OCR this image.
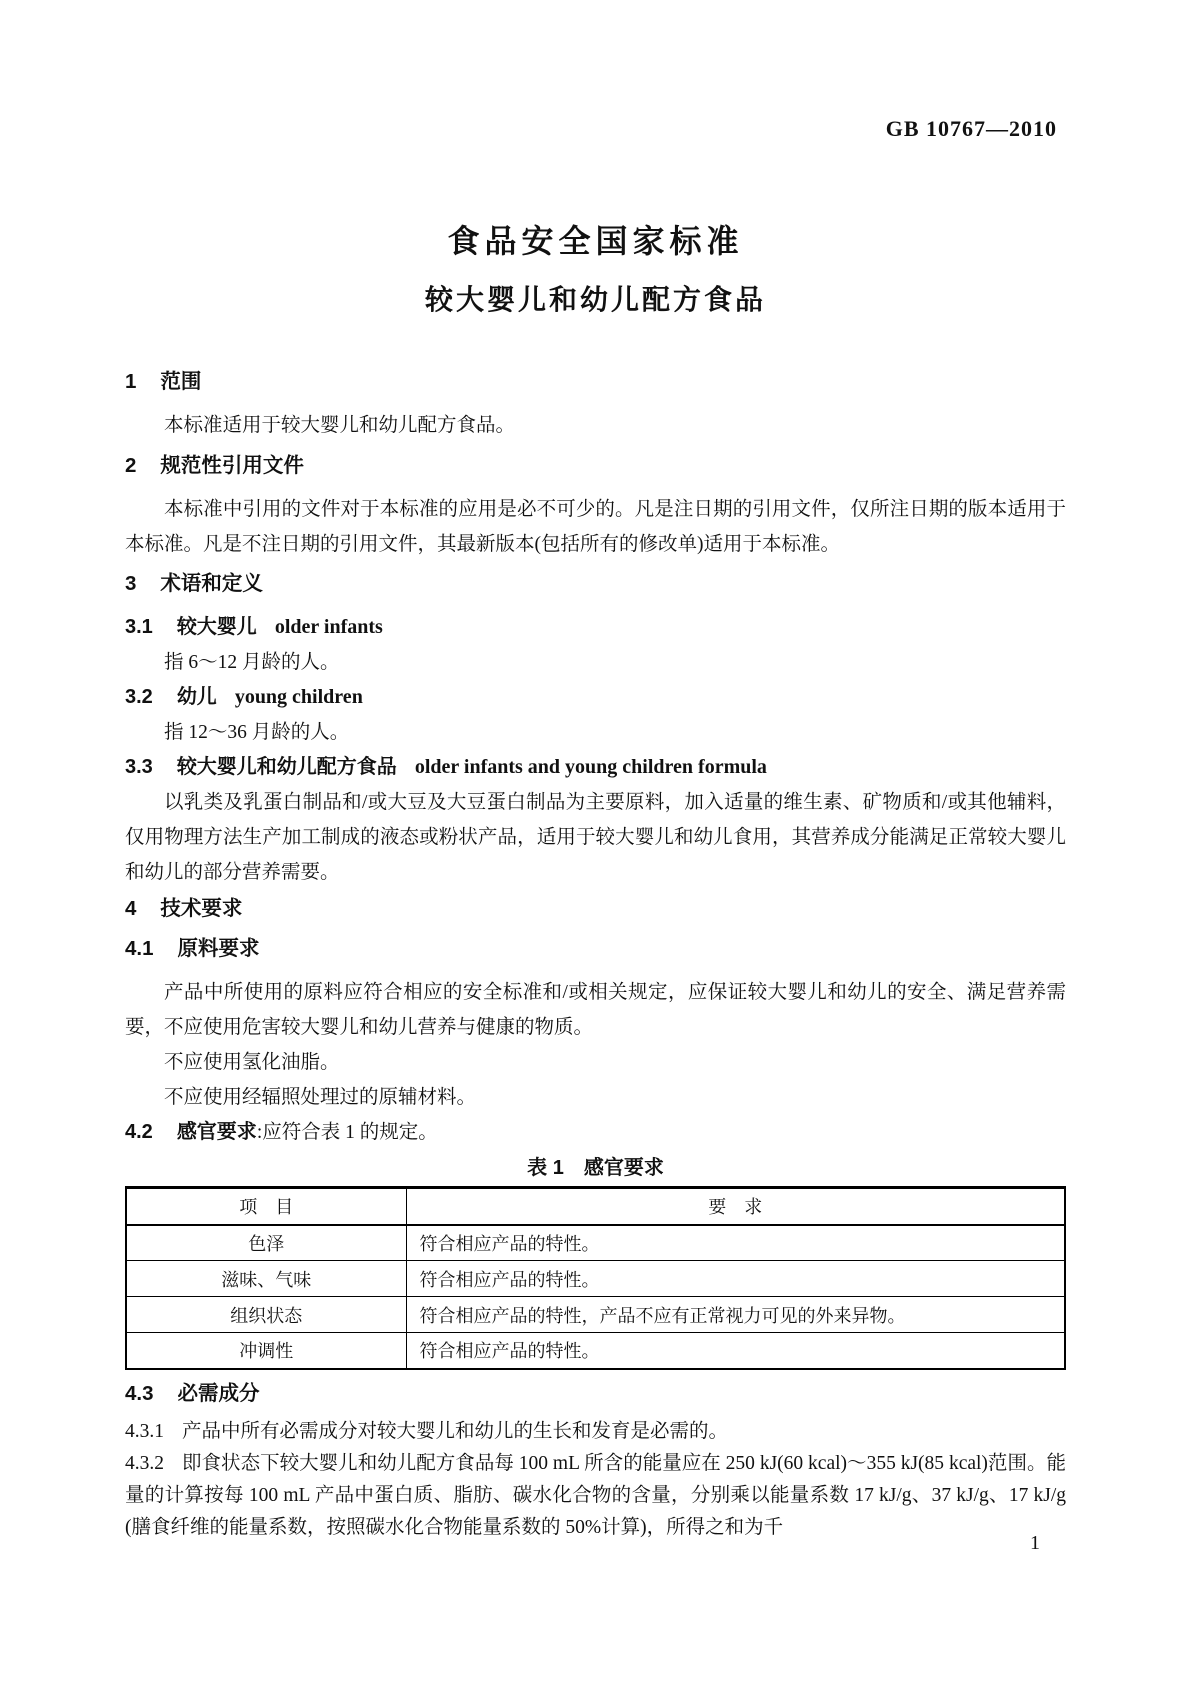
GB 10767—2010
食品安全国家标准
较大婴儿和幼儿配方食品
1 范围

本标准适用于较大婴儿和幼儿配方食品。

2 规范性引用文件

本标准中引用的文件对于本标准的应用是必不可少的。凡是注日期的引用文件，仅所注日期的版本适用于本标准。凡是不注日期的引用文件，其最新版本(包括所有的修改单)适用于本标准。

3 术语和定义
3.1 较大婴儿 older infants
指 6～12 月龄的人。
3.2 幼儿 young children
指 12～36 月龄的人。
3.3 较大婴儿和幼儿配方食品 older infants and young children formula

以乳类及乳蛋白制品和/或大豆及大豆蛋白制品为主要原料，加入适量的维生素、矿物质和/或其他辅料，仅用物理方法生产加工制成的液态或粉状产品，适用于较大婴儿和幼儿食用，其营养成分能满足正常较大婴儿和幼儿的部分营养需要。

4 技术要求
4.1 原料要求

产品中所使用的原料应符合相应的安全标准和/或相关规定，应保证较大婴儿和幼儿的安全、满足营养需要，不应使用危害较大婴儿和幼儿营养与健康的物质。

不应使用氢化油脂。
不应使用经辐照处理过的原辅材料。
4.2 感官要求:应符合表 1 的规定。
表 1 感官要求
项　目	要　求
色泽	符合相应产品的特性。
滋味、气味	符合相应产品的特性。
组织状态	符合相应产品的特性，产品不应有正常视力可见的外来异物。
冲调性	符合相应产品的特性。
4.3 必需成分

4.3.1 产品中所有必需成分对较大婴儿和幼儿的生长和发育是必需的。

4.3.2 即食状态下较大婴儿和幼儿配方食品每 100 mL 所含的能量应在 250 kJ(60 kcal)～355 kJ(85 kcal)范围。能量的计算按每 100 mL 产品中蛋白质、脂肪、碳水化合物的含量，分别乘以能量系数 17 kJ/g、37 kJ/g、17 kJ/g(膳食纤维的能量系数，按照碳水化合物能量系数的 50%计算)，所得之和为千

1
